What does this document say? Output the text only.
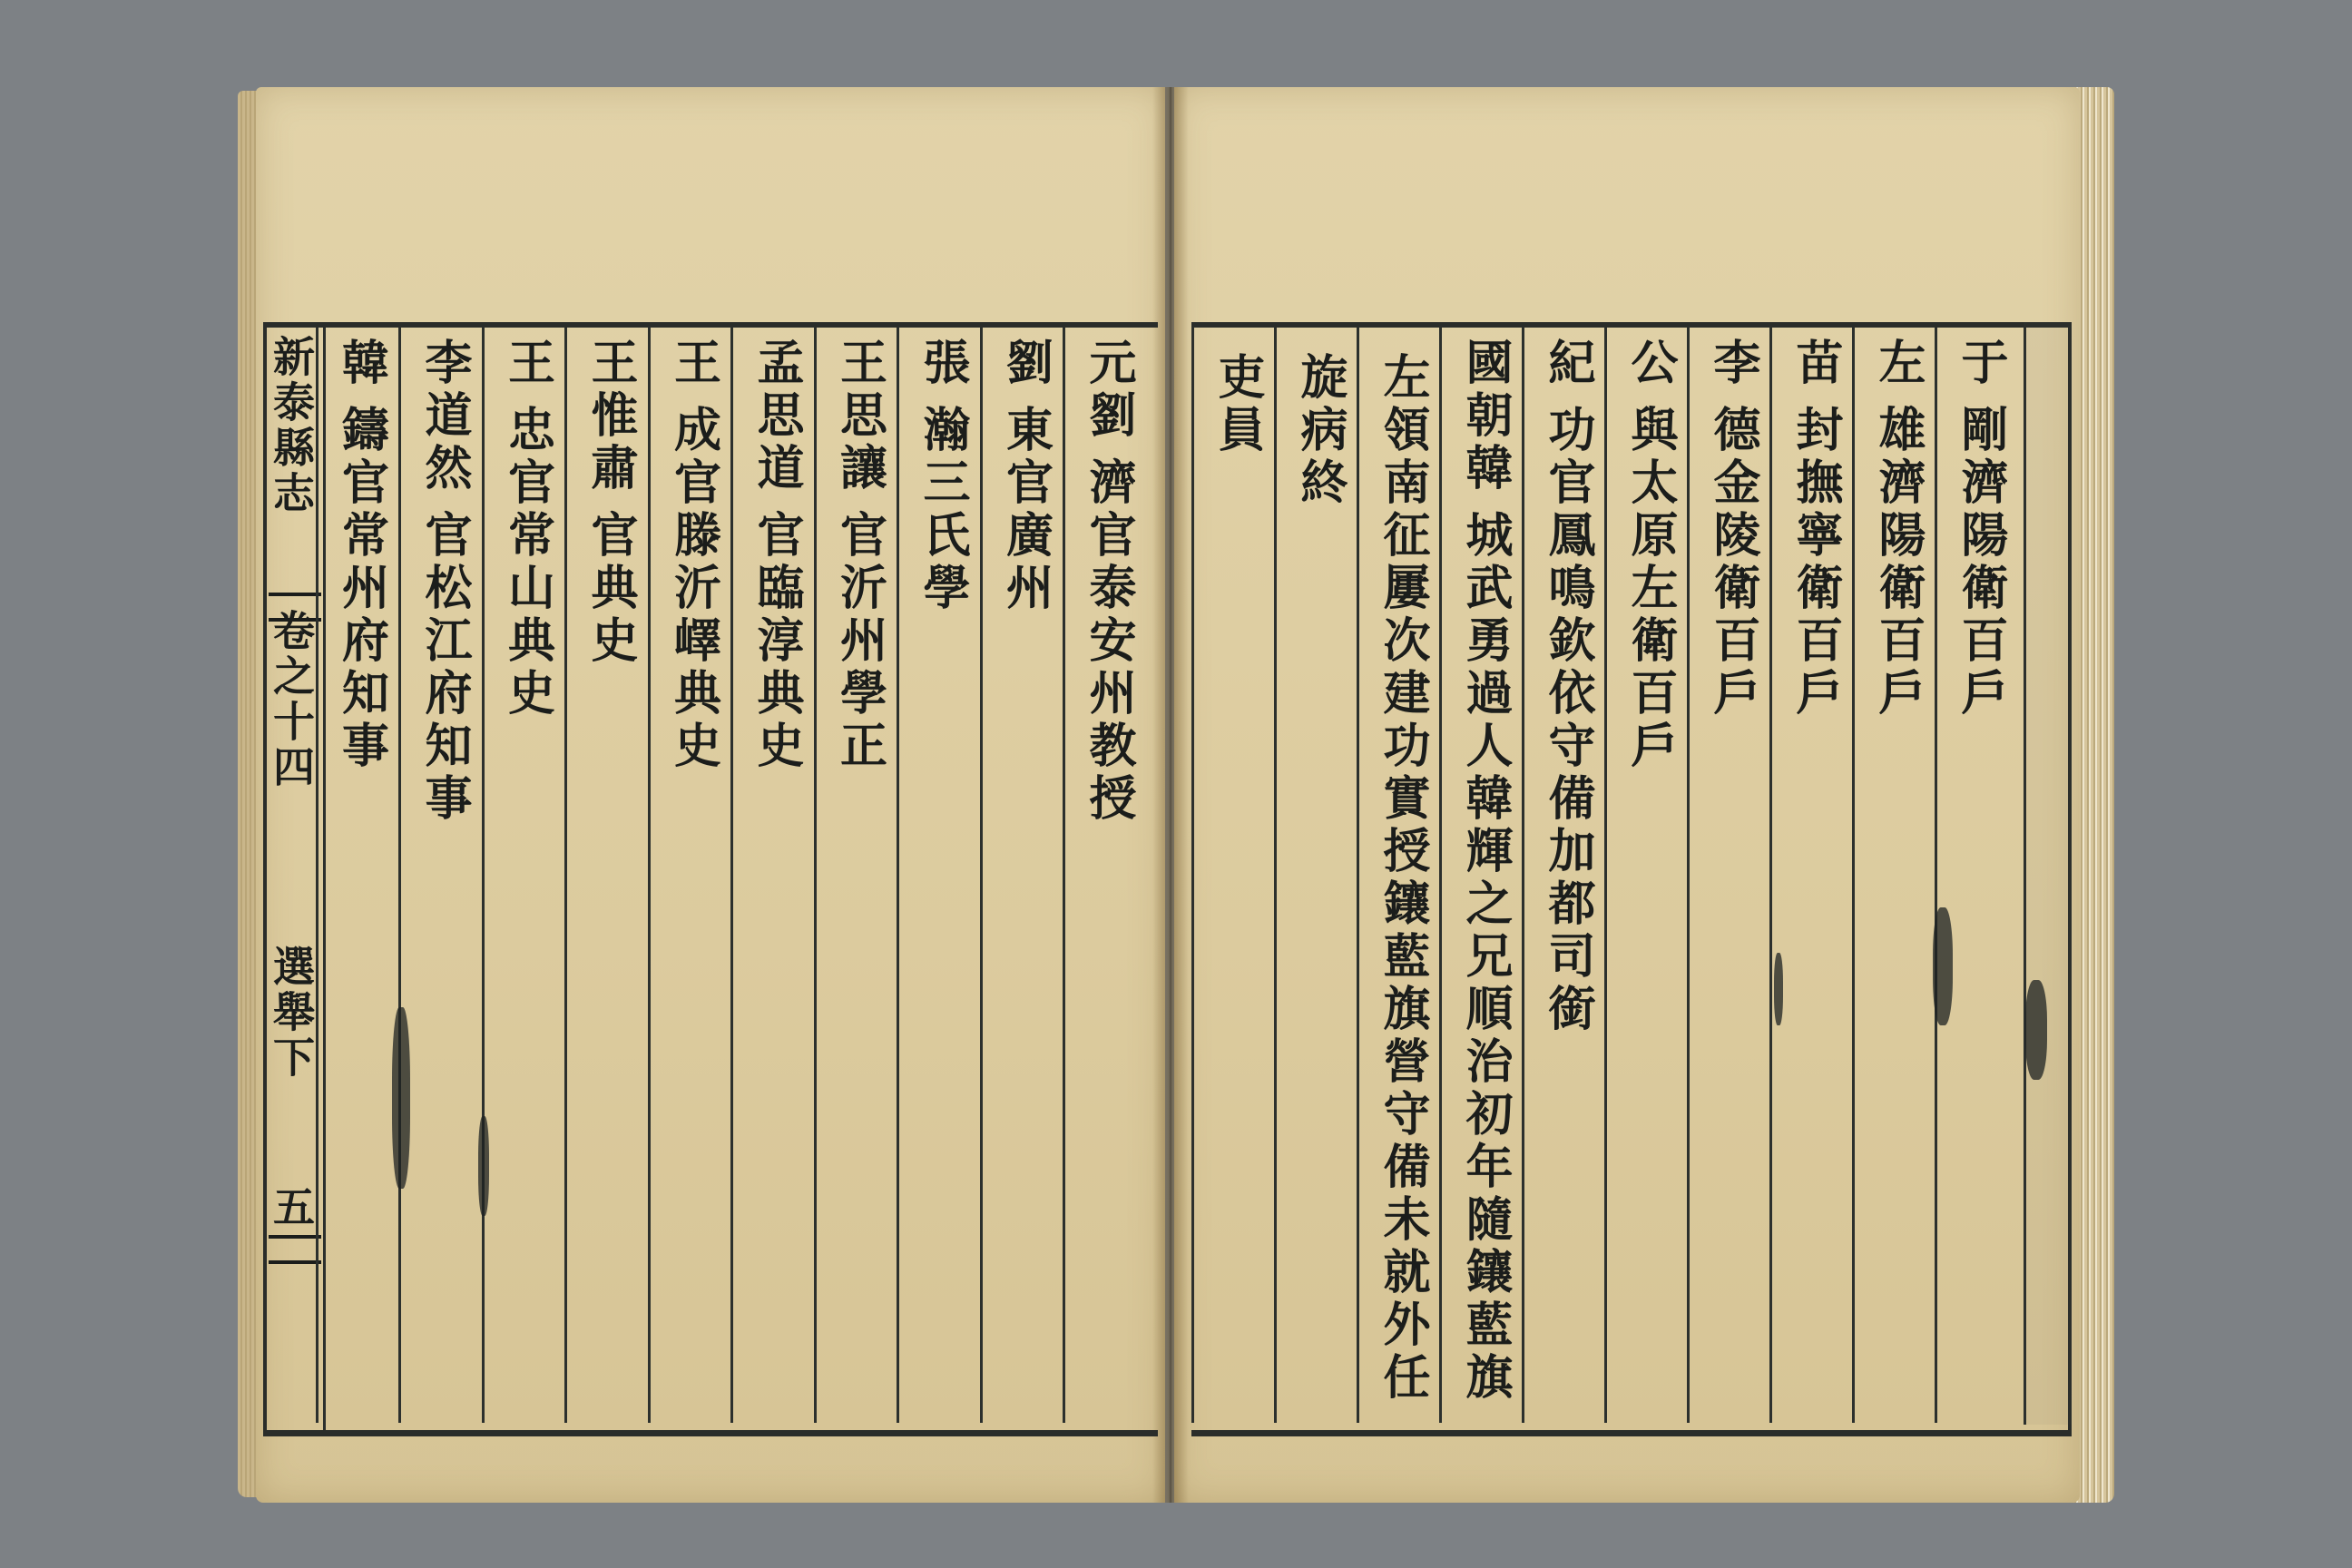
新泰縣志
卷之十四
選舉下
五
元劉濟官泰安州教授
劉東官廣州
張瀚三氏學
王思讓官沂州學正
孟思道官臨淳典史
王成官滕沂嶧典史
王惟肅官典史
王忠官常山典史
李道然官松江府知事
韓鑄官常州府知事
于剛濟陽衛百戶
左雄濟陽衛百戶
苗封撫寧衛百戶
李德金陵衛百戶
公與太原左衛百戶
紀功官鳳鳴欽依守備加都司銜
國朝韓城武勇過人韓輝之兄順治初年隨鑲藍旗
左領南征屢次建功實授鑲藍旗營守備未就外任
旋病終
吏員
